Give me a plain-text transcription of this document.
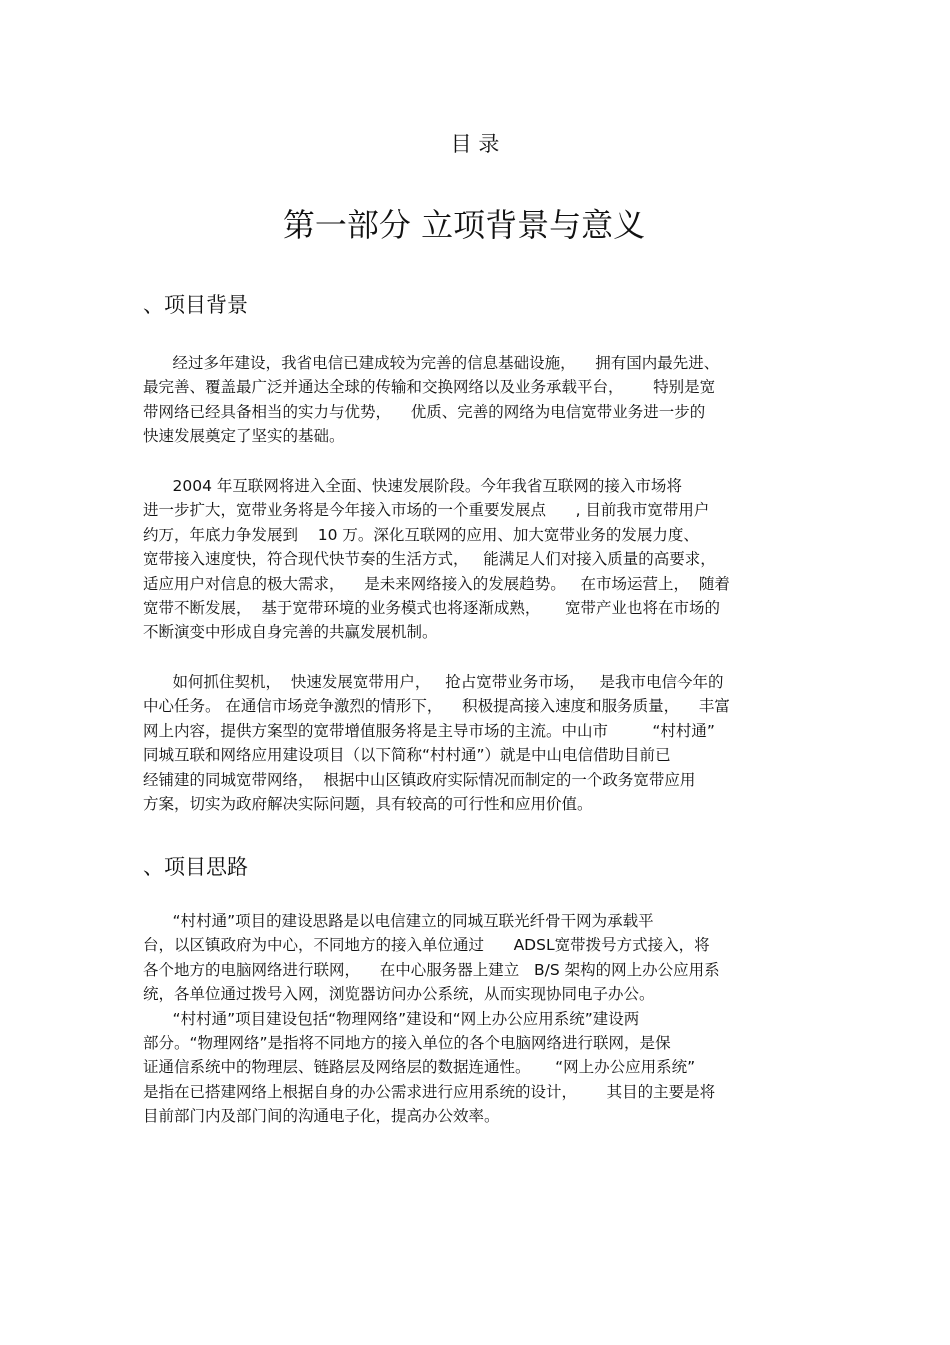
目 录
第一部分 立项背景与意义
、项目背景
经过多年建设，我省电信已建成较为完善的信息基础设施，    拥有国内最先进、
最完善、覆盖最广泛并通达全球的传输和交换网络以及业务承载平台，      特别是宽
带网络已经具备相当的实力与优势，    优质、完善的网络为电信宽带业务进一步的
快速发展奠定了坚实的基础。
2004 年互联网将进入全面、快速发展阶段。今年我省互联网的接入市场将
进一步扩大，宽带业务将是今年接入市场的一个重要发展点      , 目前我市宽带用户
约万，年底力争发展到    10 万。深化互联网的应用、加大宽带业务的发展力度、
宽带接入速度快，符合现代快节奏的生活方式，   能满足人们对接入质量的高要求，
适应用户对信息的极大需求，    是未来网络接入的发展趋势。   在市场运营上，  随着
宽带不断发展，  基于宽带环境的业务模式也将逐渐成熟，     宽带产业也将在市场的
不断演变中形成自身完善的共赢发展机制。
如何抓住契机，  快速发展宽带用户，   抢占宽带业务市场，   是我市电信今年的
中心任务。 在通信市场竞争激烈的情形下，    积极提高接入速度和服务质量，    丰富
网上内容，提供方案型的宽带增值服务将是主导市场的主流。中山市         “村村通”
同城互联和网络应用建设项目（以下简称“村村通”）就是中山电信借助目前已
经铺建的同城宽带网络，  根据中山区镇政府实际情况而制定的一个政务宽带应用
方案，切实为政府解决实际问题，具有较高的可行性和应用价值。
、项目思路
“村村通”项目的建设思路是以电信建立的同城互联光纤骨干网为承载平
台，以区镇政府为中心，不同地方的接入单位通过      ADSL宽带拨号方式接入，将
各个地方的电脑网络进行联网，    在中心服务器上建立   B/S 架构的网上办公应用系
统，各单位通过拨号入网，浏览器访问办公系统，从而实现协同电子办公。
“村村通”项目建设包括“物理网络”建设和“网上办公应用系统”建设两
部分。“物理网络”是指将不同地方的接入单位的各个电脑网络进行联网，是保
证通信系统中的物理层、链路层及网络层的数据连通性。     “网上办公应用系统”
是指在已搭建网络上根据自身的办公需求进行应用系统的设计，      其目的主要是将
目前部门内及部门间的沟通电子化，提高办公效率。
